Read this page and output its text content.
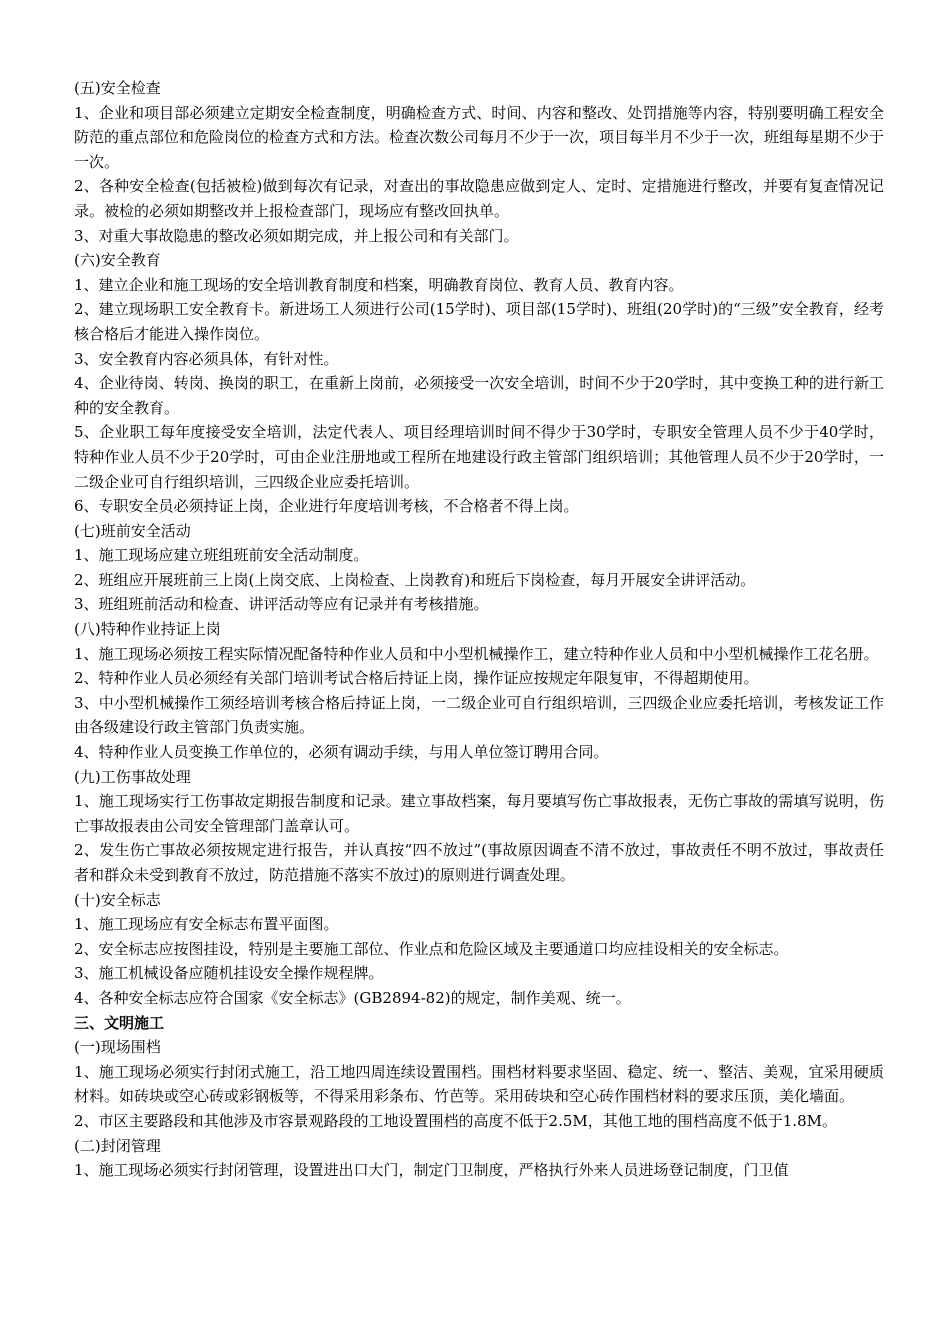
(五)安全检查

1、企业和项目部必须建立定期安全检查制度，明确检查方式、时间、内容和整改、处罚措施等内容，特别要明确工程安全防范的重点部位和危险岗位的检查方式和方法。检查次数公司每月不少于一次，项目每半月不少于一次，班组每星期不少于一次。

2、各种安全检查(包括被检)做到每次有记录，对查出的事故隐患应做到定人、定时、定措施进行整改，并要有复查情况记录。被检的必须如期整改并上报检查部门，现场应有整改回执单。

3、对重大事故隐患的整改必须如期完成，并上报公司和有关部门。

(六)安全教育

1、建立企业和施工现场的安全培训教育制度和档案，明确教育岗位、教育人员、教育内容。

2、建立现场职工安全教育卡。新进场工人须进行公司(15学时)、项目部(15学时)、班组(20学时)的“三级”安全教育，经考核合格后才能进入操作岗位。

3、安全教育内容必须具体，有针对性。

4、企业待岗、转岗、换岗的职工，在重新上岗前，必须接受一次安全培训，时间不少于20学时，其中变换工种的进行新工种的安全教育。

5、企业职工每年度接受安全培训，法定代表人、项目经理培训时间不得少于30学时，专职安全管理人员不少于40学时，特种作业人员不少于20学时，可由企业注册地或工程所在地建设行政主管部门组织培训；其他管理人员不少于20学时，一二级企业可自行组织培训，三四级企业应委托培训。

6、专职安全员必须持证上岗，企业进行年度培训考核，不合格者不得上岗。

(七)班前安全活动

1、施工现场应建立班组班前安全活动制度。

2、班组应开展班前三上岗(上岗交底、上岗检查、上岗教育)和班后下岗检查，每月开展安全讲评活动。

3、班组班前活动和检查、讲评活动等应有记录并有考核措施。

(八)特种作业持证上岗

1、施工现场必须按工程实际情况配备特种作业人员和中小型机械操作工，建立特种作业人员和中小型机械操作工花名册。

2、特种作业人员必须经有关部门培训考试合格后持证上岗，操作证应按规定年限复审，不得超期使用。

3、中小型机械操作工须经培训考核合格后持证上岗，一二级企业可自行组织培训，三四级企业应委托培训，考核发证工作由各级建设行政主管部门负责实施。

4、特种作业人员变换工作单位的，必须有调动手续，与用人单位签订聘用合同。

(九)工伤事故处理

1、施工现场实行工伤事故定期报告制度和记录。建立事故档案，每月要填写伤亡事故报表，无伤亡事故的需填写说明，伤亡事故报表由公司安全管理部门盖章认可。

2、发生伤亡事故必须按规定进行报告，并认真按“四不放过”(事故原因调查不清不放过，事故责任不明不放过，事故责任者和群众未受到教育不放过，防范措施不落实不放过)的原则进行调查处理。

(十)安全标志

1、施工现场应有安全标志布置平面图。

2、安全标志应按图挂设，特别是主要施工部位、作业点和危险区域及主要通道口均应挂设相关的安全标志。

3、施工机械设备应随机挂设安全操作规程牌。

4、各种安全标志应符合国家《安全标志》(GB2894-82)的规定，制作美观、统一。

三、文明施工

(一)现场围档

1、施工现场必须实行封闭式施工，沿工地四周连续设置围档。围档材料要求坚固、稳定、统一、整洁、美观，宜采用硬质材料。如砖块或空心砖或彩钢板等，不得采用彩条布、竹芭等。采用砖块和空心砖作围档材料的要求压顶，美化墙面。

2、市区主要路段和其他涉及市容景观路段的工地设置围档的高度不低于2.5M，其他工地的围档高度不低于1.8M。

(二)封闭管理

1、施工现场必须实行封闭管理，设置进出口大门，制定门卫制度，严格执行外来人员进场登记制度，门卫值
